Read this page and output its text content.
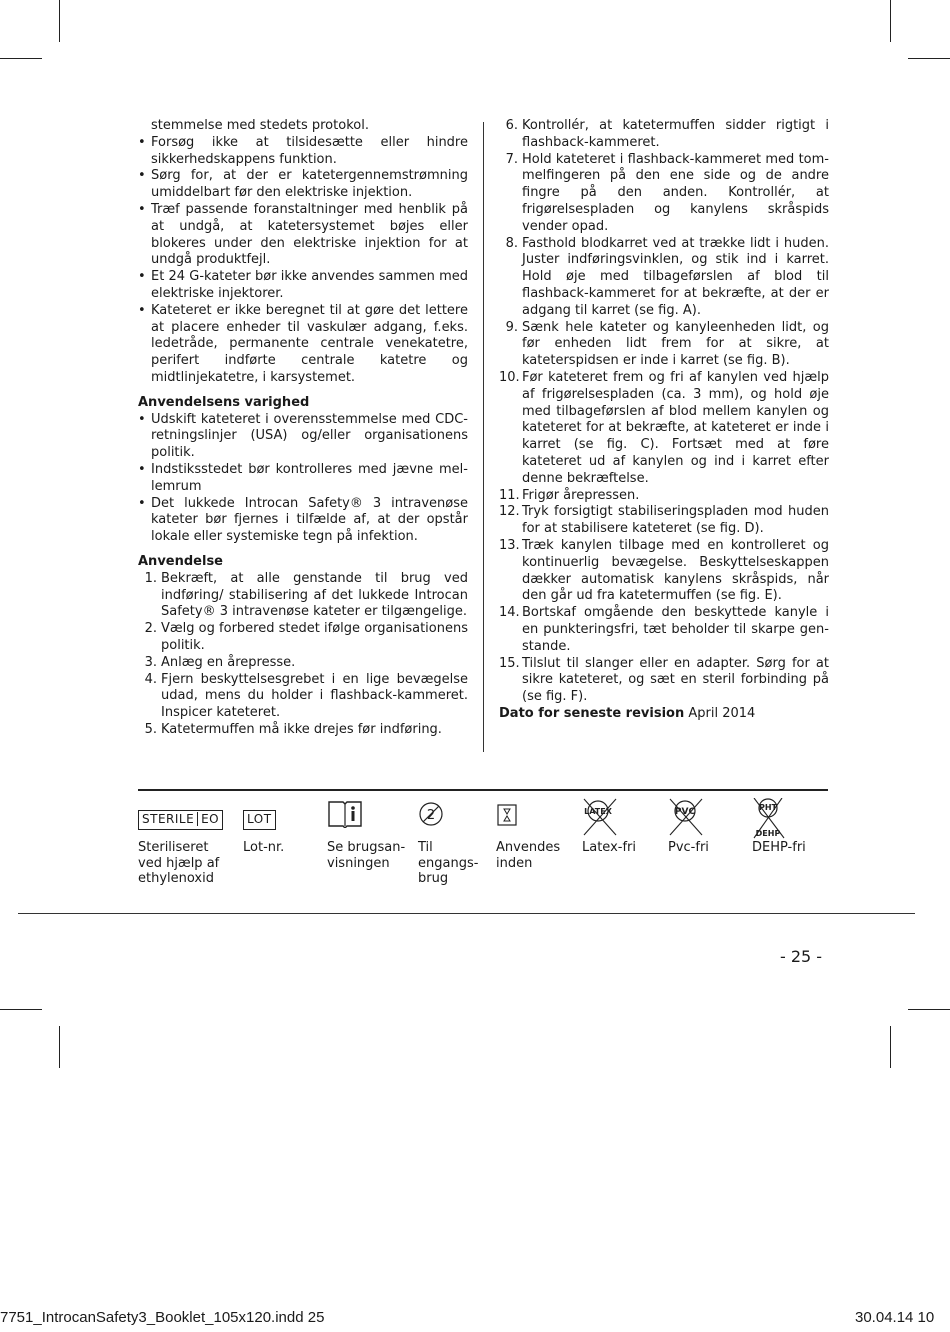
stemmelse med stedets protokol.

• Forsøg ikke at tilsidesætte eller hindre sikkerhedskappens funktion.
• Sørg for, at der er katetergennemstrømning umiddelbart før den elektriske injektion.
• Træf passende foranstaltninger med henblik på at undgå, at katetersystemet bøjes eller blokeres under den elektriske injektion for at undgå produktfejl.
• Et 24 G-kateter bør ikke anvendes sammen med elektriske injektorer.
• Kateteret er ikke beregnet til at gøre det lettere at placere enheder til vaskulær adgang, f.eks. ledetråde, permanente centrale venekatetre, perifert indførte centrale katetre og midtlinjekatetre, i karsystemet.
Anvendelsens varighed
• Udskift kateteret i overensstemmelse med CDC-retningslinjer (USA) og/eller organisationens politik.
• Indstiksstedet bør kontrolleres med jævne mellemrum
• Det lukkede Introcan Safety® 3 intravenøse kateter bør fjernes i tilfælde af, at der opstår lokale eller systemiske tegn på infektion.
Anvendelse
1. Bekræft, at alle genstande til brug ved indføring/ stabilisering af det lukkede Introcan Safety® 3 intravenøse kateter er tilgængelige.
2. Vælg og forbered stedet ifølge organisationens politik.
3. Anlæg en årepresse.
4. Fjern beskyttelsesgrebet i en lige bevægelse udad, mens du holder i flashback-kammeret. Inspicer kateteret.
5. Katetermuffen må ikke drejes før indføring.
6. Kontrollér, at katetermuffen sidder rigtigt i flashback-kammeret.
7. Hold kateteret i flashback-kammeret med tommelfingeren på den ene side og de andre fingre på den anden. Kontrollér, at frigørelsespladen og kanylens skråspids vender opad.
8. Fasthold blodkarret ved at trække lidt i huden. Juster indføringsvinklen, og stik ind i karret. Hold øje med tilbageførslen af blod til flashback-kammeret for at bekræfte, at der er adgang til karret (se fig. A).
9. Sænk hele kateter og kanyleenheden lidt, og før enheden lidt frem for at sikre, at kateterspidsen er inde i karret (se fig. B).
10. Før kateteret frem og fri af kanylen ved hjælp af frigørelsespladen (ca. 3 mm), og hold øje med tilbageførslen af blod mellem kanylen og kateteret for at bekræfte, at kateteret er inde i karret (se fig. C). Fortsæt med at føre kateteret ud af kanylen og ind i karret efter denne bekræftelse.
11. Frigør årepressen.
12. Tryk forsigtigt stabiliseringspladen mod huden for at stabilisere kateteret (se fig. D).
13. Træk kanylen tilbage med en kontrolleret og kontinuerlig bevægelse. Beskyttelseskappen dækker automatisk kanylens skråspids, når den går ud fra katetermuffen (se fig. E).
14. Bortskaf omgående den beskyttede kanyle i en punkteringsfri, tæt beholder til skarpe genstande.
15. Tilslut til slanger eller en adapter. Sørg for at sikre kateteret, og sæt en steril forbinding på (se fig. F).

Dato for seneste revision April 2014

STERILE  EO
Steriliseret ved hjælp af ethylenoxid
LOT
Lot-nr.	Se brugsan-visningen
2
Til engangs-brug
Anvendes inden
LATEX
Latex-fri
PVC
Pvc-fri
PHT
DEHP
DEHP-fri
- 25 -
7751_IntrocanSafety3_Booklet_105x120.indd 25	30.04.14 10
